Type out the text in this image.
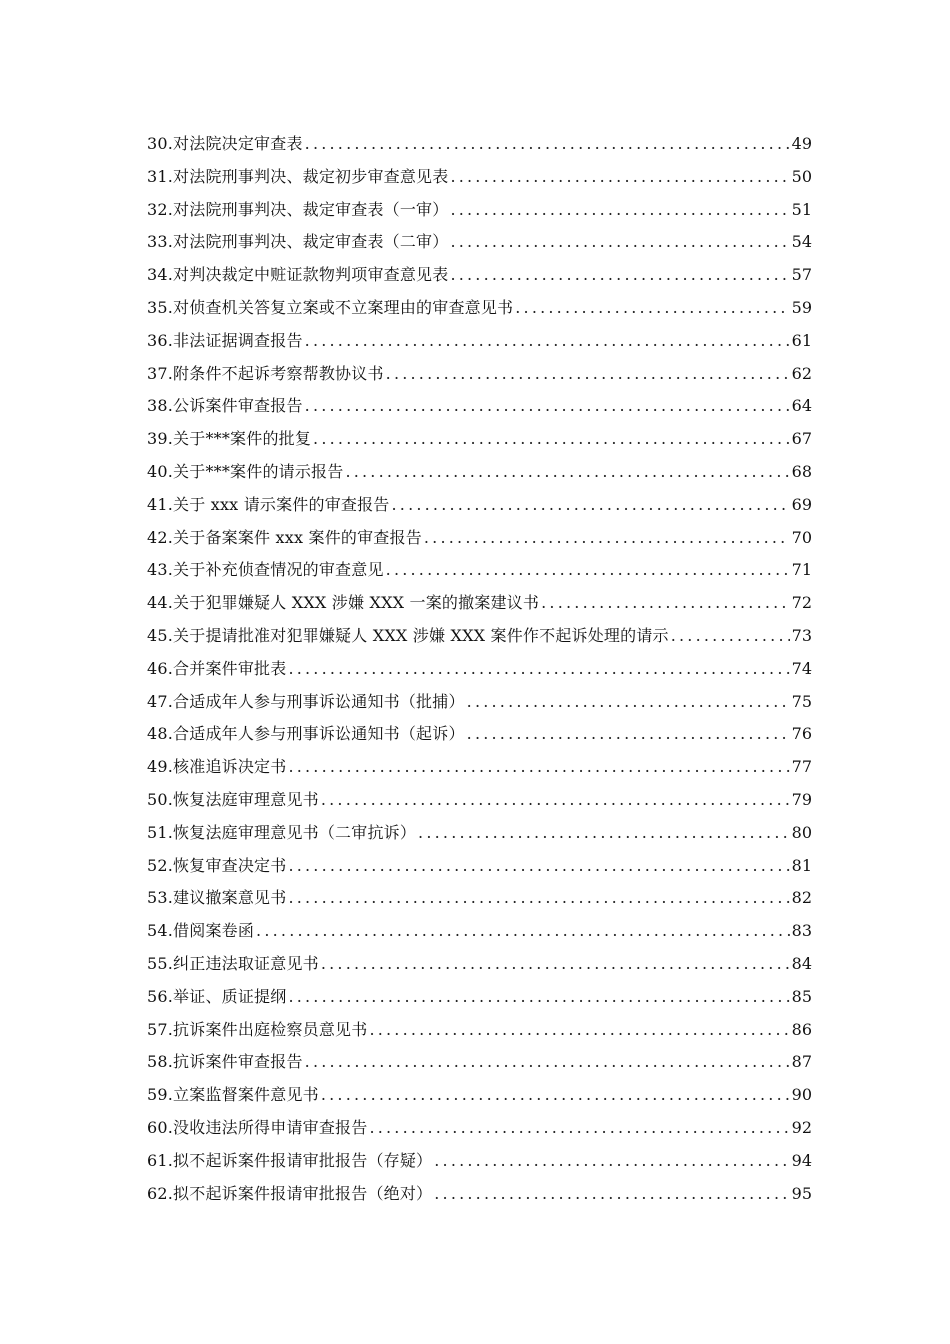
30.对法院决定审查表 .....	49
31.对法院刑事判决、裁定初步审查意见表 .....	50
32.对法院刑事判决、裁定审查表（一审） .....	51
33.对法院刑事判决、裁定审查表（二审） .....	54
34.对判决裁定中赃证款物判项审查意见表 .....	57
35.对侦查机关答复立案或不立案理由的审查意见书 .....	59
36.非法证据调查报告 .....	61
37.附条件不起诉考察帮教协议书 .....	62
38.公诉案件审查报告 .....	64
39.关于***案件的批复 .....	67
40.关于***案件的请示报告 .....	68
41.关于 xxx 请示案件的审查报告 .....	69
42.关于备案案件 xxx 案件的审查报告 .....	70
43.关于补充侦查情况的审查意见 .....	71
44.关于犯罪嫌疑人 XXX 涉嫌 XXX 一案的撤案建议书 .....	72
45.关于提请批准对犯罪嫌疑人 XXX 涉嫌 XXX 案件作不起诉处理的请示 .....	73
46.合并案件审批表 .....	74
47.合适成年人参与刑事诉讼通知书（批捕） .....	75
48.合适成年人参与刑事诉讼通知书（起诉） .....	76
49.核准追诉决定书 .....	77
50.恢复法庭审理意见书 .....	79
51.恢复法庭审理意见书（二审抗诉） .....	80
52.恢复审查决定书 .....	81
53.建议撤案意见书 .....	82
54.借阅案卷函 .....	83
55.纠正违法取证意见书 .....	84
56.举证、质证提纲 .....	85
57.抗诉案件出庭检察员意见书 .....	86
58.抗诉案件审查报告 .....	87
59.立案监督案件意见书 .....	90
60.没收违法所得申请审查报告 .....	92
61.拟不起诉案件报请审批报告（存疑） .....	94
62.拟不起诉案件报请审批报告（绝对） .....	95
